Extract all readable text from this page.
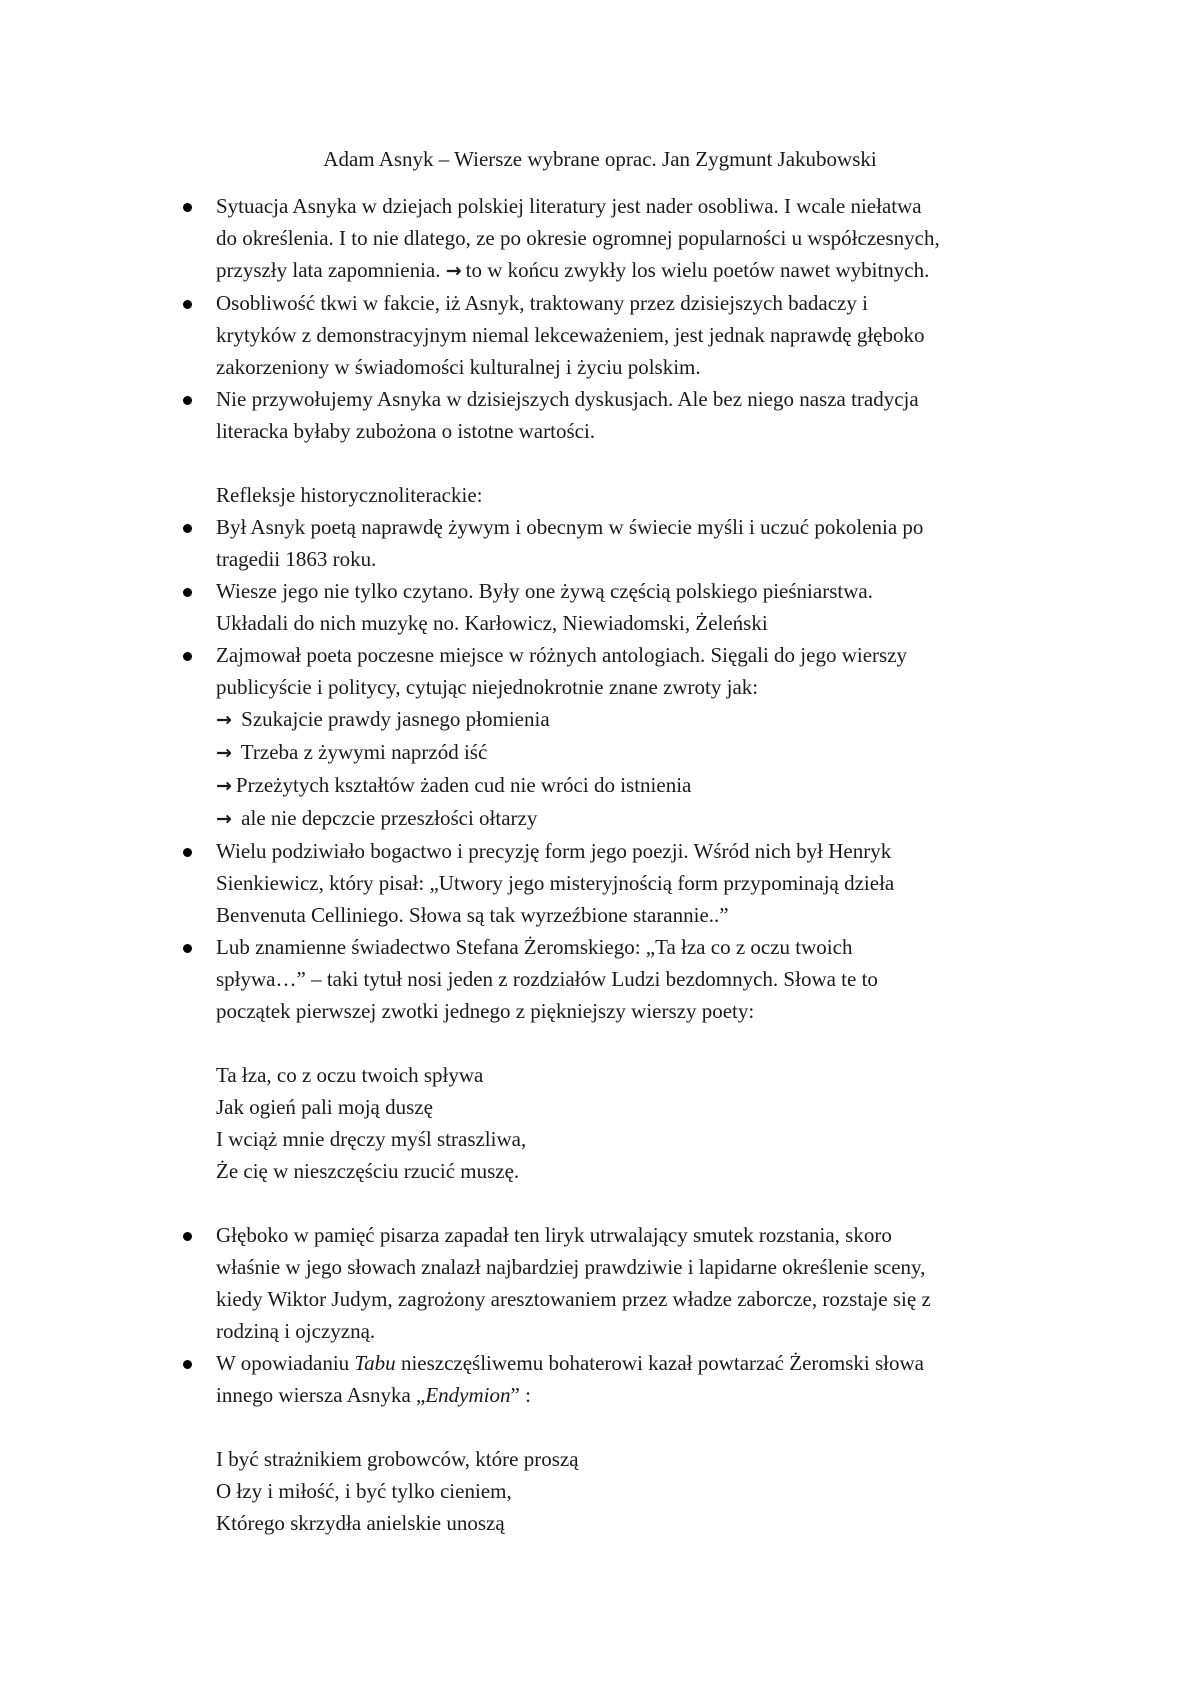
Adam Asnyk – Wiersze wybrane oprac. Jan Zygmunt Jakubowski

Sytuacja Asnyka w dziejach polskiej literatury jest nader osobliwa. I wcale niełatwa
do określenia. I to nie dlatego, ze po okresie ogromnej popularności u współczesnych,
przyszły lata zapomnienia. → to w końcu zwykły los wielu poetów nawet wybitnych.
Osobliwość tkwi w fakcie, iż Asnyk, traktowany przez dzisiejszych badaczy i
krytyków z demonstracyjnym niemal lekceważeniem, jest jednak naprawdę głęboko
zakorzeniony w świadomości kulturalnej i życiu polskim.
Nie przywołujemy Asnyka w dzisiejszych dyskusjach. Ale bez niego nasza tradycja
literacka byłaby zubożona o istotne wartości.
Refleksje historycznoliterackie:
Był Asnyk poetą naprawdę żywym i obecnym w świecie myśli i uczuć pokolenia po
tragedii 1863 roku.
Wiesze jego nie tylko czytano. Były one żywą częścią polskiego pieśniarstwa.
Układali do nich muzykę no. Karłowicz, Niewiadomski, Żeleński
Zajmował poeta poczesne miejsce w różnych antologiach. Sięgali do jego wierszy
publicyście i politycy, cytując niejednokrotnie znane zwroty jak:
→ Szukajcie prawdy jasnego płomienia
→ Trzeba z żywymi naprzód iść
→ Przeżytych kształtów żaden cud nie wróci do istnienia
→ ale nie depczcie przeszłości ołtarzy
Wielu podziwiało bogactwo i precyzję form jego poezji. Wśród nich był Henryk
Sienkiewicz, który pisał: „Utwory jego misteryjnością form przypominają dzieła
Benvenuta Celliniego. Słowa są tak wyrzeźbione starannie..”
Lub znamienne świadectwo Stefana Żeromskiego: „Ta łza co z oczu twoich
spływa…” – taki tytuł nosi jeden z rozdziałów Ludzi bezdomnych. Słowa te to
początek pierwszej zwotki jednego z piękniejszy wierszy poety:
Ta łza, co z oczu twoich spływa
Jak ogień pali moją duszę
I wciąż mnie dręczy myśl straszliwa,
Że cię w nieszczęściu rzucić muszę.
Głęboko w pamięć pisarza zapadał ten liryk utrwalający smutek rozstania, skoro
właśnie w jego słowach znalazł najbardziej prawdziwie i lapidarne określenie sceny,
kiedy Wiktor Judym, zagrożony aresztowaniem przez władze zaborcze, rozstaje się z
rodziną i ojczyzną.
W opowiadaniu Tabu nieszczęśliwemu bohaterowi kazał powtarzać Żeromski słowa
innego wiersza Asnyka „Endymion” :
I być strażnikiem grobowców, które proszą
O łzy i miłość, i być tylko cieniem,
Którego skrzydła anielskie unoszą
